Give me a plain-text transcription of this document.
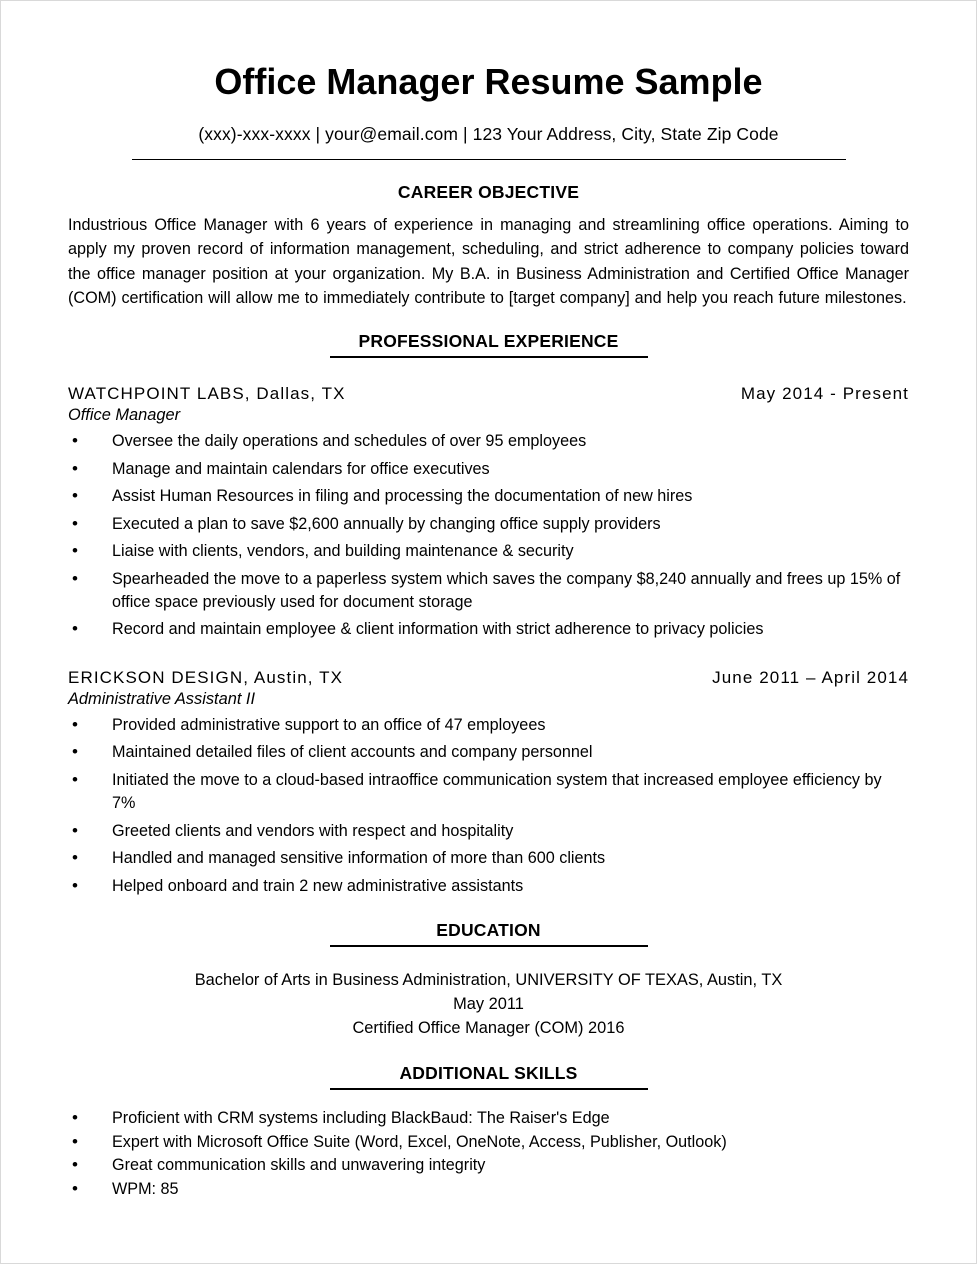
Office Manager Resume Sample
(xxx)-xxx-xxxx | your@email.com | 123 Your Address, City, State Zip Code
CAREER OBJECTIVE

Industrious Office Manager with 6 years of experience in managing and streamlining office operations. Aiming to apply my proven record of information management, scheduling, and strict adherence to company policies toward the office manager position at your organization. My B.A. in Business Administration and Certified Office Manager (COM) certification will allow me to immediately contribute to [target company] and help you reach future milestones.

PROFESSIONAL EXPERIENCE
WATCHPOINT LABS, Dallas, TX	May 2014 - Present
Office Manager
• Oversee the daily operations and schedules of over 95 employees
• Manage and maintain calendars for office executives
• Assist Human Resources in filing and processing the documentation of new hires
• Executed a plan to save $2,600 annually by changing office supply providers
• Liaise with clients, vendors, and building maintenance & security
• Spearheaded the move to a paperless system which saves the company $8,240 annually and frees up 15% of office space previously used for document storage
• Record and maintain employee & client information with strict adherence to privacy policies
ERICKSON DESIGN, Austin, TX	June 2011 – April 2014
Administrative Assistant II
• Provided administrative support to an office of 47 employees
• Maintained detailed files of client accounts and company personnel
• Initiated the move to a cloud-based intraoffice communication system that increased employee efficiency by 7%
• Greeted clients and vendors with respect and hospitality
• Handled and managed sensitive information of more than 600 clients
• Helped onboard and train 2 new administrative assistants
EDUCATION
Bachelor of Arts in Business Administration, UNIVERSITY OF TEXAS, Austin, TX
May 2011
Certified Office Manager (COM) 2016
ADDITIONAL SKILLS
• Proficient with CRM systems including BlackBaud: The Raiser's Edge
• Expert with Microsoft Office Suite (Word, Excel, OneNote, Access, Publisher, Outlook)
• Great communication skills and unwavering integrity
• WPM: 85
